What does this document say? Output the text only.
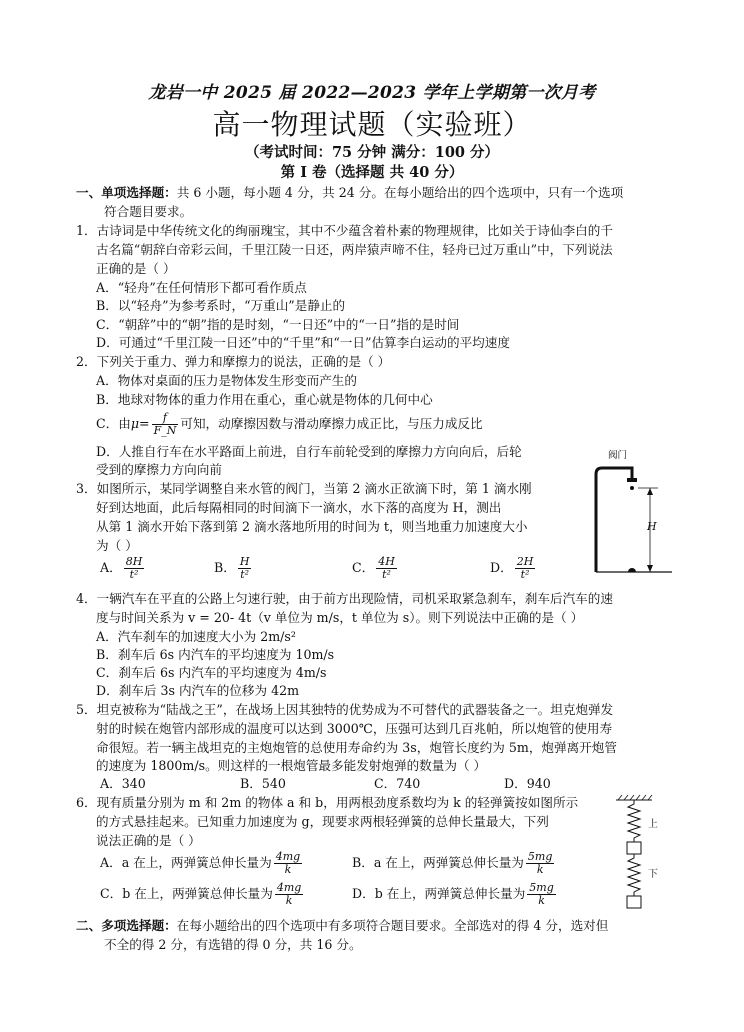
龙岩一中 2025 届 2022—2023 学年上学期第一次月考
高一物理试题（实验班）
（考试时间：75 分钟 满分：100 分）
第 I 卷（选择题 共 40 分）
一、单项选择题：共 6 小题，每小题 4 分，共 24 分。在每小题给出的四个选项中，只有一个选项
符合题目要求。
1．古诗词是中华传统文化的绚丽瑰宝，其中不少蕴含着朴素的物理规律，比如关于诗仙李白的千
古名篇“朝辞白帝彩云间，千里江陵一日还，两岸猿声啼不住，轻舟已过万重山”中，下列说法
正确的是（ ）
A．“轻舟”在任何情形下都可看作质点
B．以“轻舟”为参考系时，“万重山”是静止的
C．“朝辞”中的“朝”指的是时刻，“一日还”中的“一日”指的是时间
D．可通过“千里江陵一日还”中的“千里”和“一日”估算李白运动的平均速度
2．下列关于重力、弹力和摩擦力的说法，正确的是（ ）
A．物体对桌面的压力是物体发生形变而产生的
B．地球对物体的重力作用在重心，重心就是物体的几何中心
C．由$\mu= \frac{f}{F\_N}$ 可知，动摩擦因数与滑动摩擦力成正比，与压力成反比
D．人推自行车在水平路面上前进，自行车前轮受到的摩擦力方向向后，后轮
受到的摩擦力方向向前
3．如图所示，某同学调整自来水管的阀门，当第 2 滴水正欲滴下时，第 1 滴水刚
好到达地面，此后每隔相同的时间滴下一滴水，水下落的高度为 H，测出
从第 1 滴水开始下落到第 2 滴水落地所用的时间为 t，则当地重力加速度大小
为（ ）
A． $\frac{8H}{\text{t²}}$	B． $\frac{H}{\text{t²}}$	C． $\frac{4H}{\text{t²}}$	D． $\frac{2H}{\text{t²}}$
阀门
H
4．一辆汽车在平直的公路上匀速行驶，由于前方出现险情，司机采取紧急刹车，刹车后汽车的速
度与时间关系为 v = 20- 4t（v 单位为 m/s，t 单位为 s）。则下列说法中正确的是（ ）
A．汽车刹车的加速度大小为 2m/s²
B．刹车后 6s 内汽车的平均速度为 10m/s
C．刹车后 6s 内汽车的平均速度为 4m/s
D．刹车后 3s 内汽车的位移为 42m
5．坦克被称为“陆战之王”，在战场上因其独特的优势成为不可替代的武器装备之一。坦克炮弹发
射的时候在炮管内部形成的温度可以达到 3000℃，压强可达到几百兆帕，所以炮管的使用寿
命很短。若一辆主战坦克的主炮炮管的总使用寿命约为 3s，炮管长度约为 5m，炮弹离开炮管
的速度为 1800m/s。则这样的一根炮管最多能发射炮弹的数量为（ ）
A．340	B．540	C．740	D．940
6．现有质量分别为 m 和 2m 的物体 a 和 b，用两根劲度系数均为 k 的轻弹簧按如图所示
的方式悬挂起来。已知重力加速度为 g，现要求两根轻弹簧的总伸长量最大，下列
说法正确的是（ ）
A．a 在上，两弹簧总伸长量为 $\frac{4mg}{k}$	B．a 在上，两弹簧总伸长量为 $\frac{5mg}{k}$
C．b 在上，两弹簧总伸长量为 $\frac{4mg}{k}$	D．b 在上，两弹簧总伸长量为 $\frac{5mg}{k}$
上
下
二、多项选择题：在每小题给出的四个选项中有多项符合题目要求。全部选对的得 4 分，选对但
不全的得 2 分，有选错的得 0 分，共 16 分。
